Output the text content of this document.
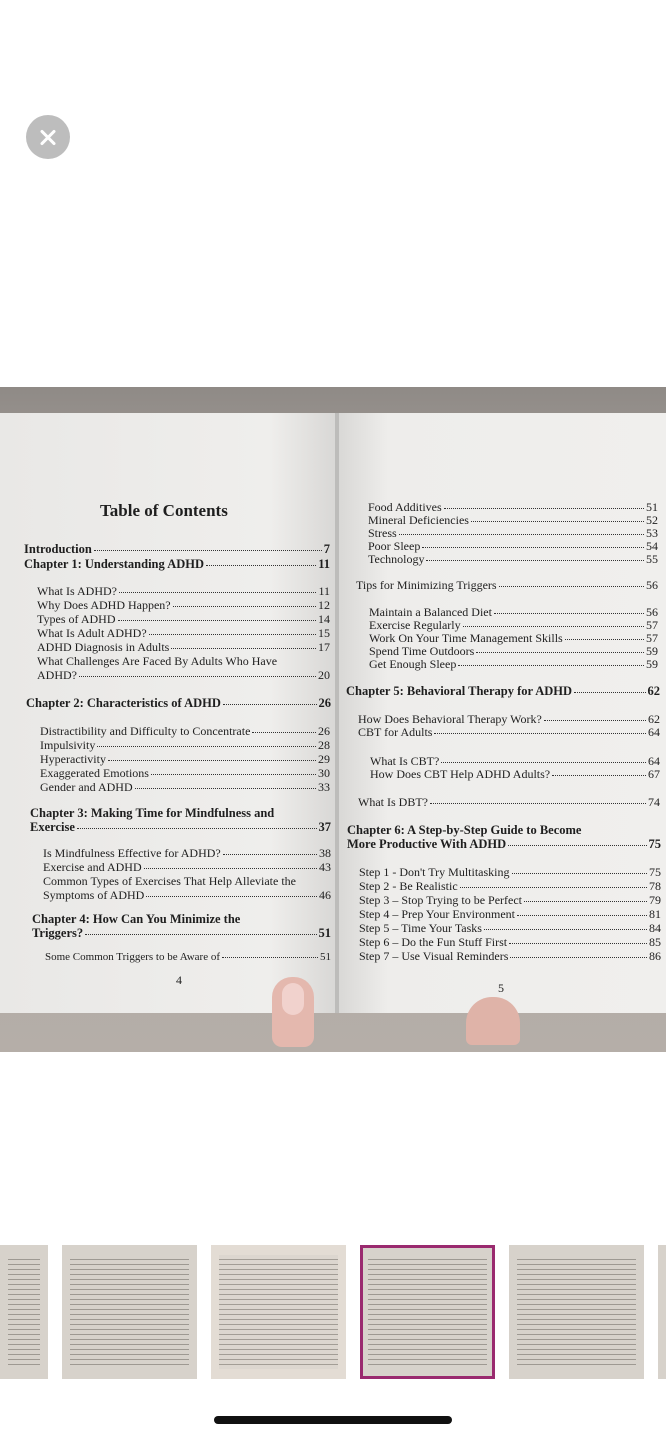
Table of Contents
Introduction	7
Chapter 1: Understanding ADHD	11
What Is ADHD?	11
Why Does ADHD Happen?	12
Types of ADHD	14
What Is Adult ADHD?	15
ADHD Diagnosis in Adults	17
What Challenges Are Faced By Adults Who Have
ADHD?	20
Chapter 2: Characteristics of ADHD	26
Distractibility and Difficulty to Concentrate	26
Impulsivity	28
Hyperactivity	29
Exaggerated Emotions	30
Gender and ADHD	33
Chapter 3: Making Time for Mindfulness and
Exercise	37
Is Mindfulness Effective for ADHD?	38
Exercise and ADHD	43
Common Types of Exercises That Help Alleviate the
Symptoms of ADHD	46
Chapter 4: How Can You Minimize the
Triggers?	51
Some Common Triggers to be Aware of	51
4
Food Additives	51
Mineral Deficiencies	52
Stress	53
Poor Sleep	54
Technology	55
Tips for Minimizing Triggers	56
Maintain a Balanced Diet	56
Exercise Regularly	57
Work On Your Time Management Skills	57
Spend Time Outdoors	59
Get Enough Sleep	59
Chapter 5: Behavioral Therapy for ADHD	62
How Does Behavioral Therapy Work?	62
CBT for Adults	64
What Is CBT?	64
How Does CBT Help ADHD Adults?	67
What Is DBT?	74
Chapter 6: A Step-by-Step Guide to Become
More Productive With ADHD	75
Step 1 - Don't Try Multitasking	75
Step 2 - Be Realistic	78
Step 3 – Stop Trying to be Perfect	79
Step 4 – Prep Your Environment	81
Step 5 – Time Your Tasks	84
Step 6 – Do the Fun Stuff First	85
Step 7 – Use Visual Reminders	86
5
